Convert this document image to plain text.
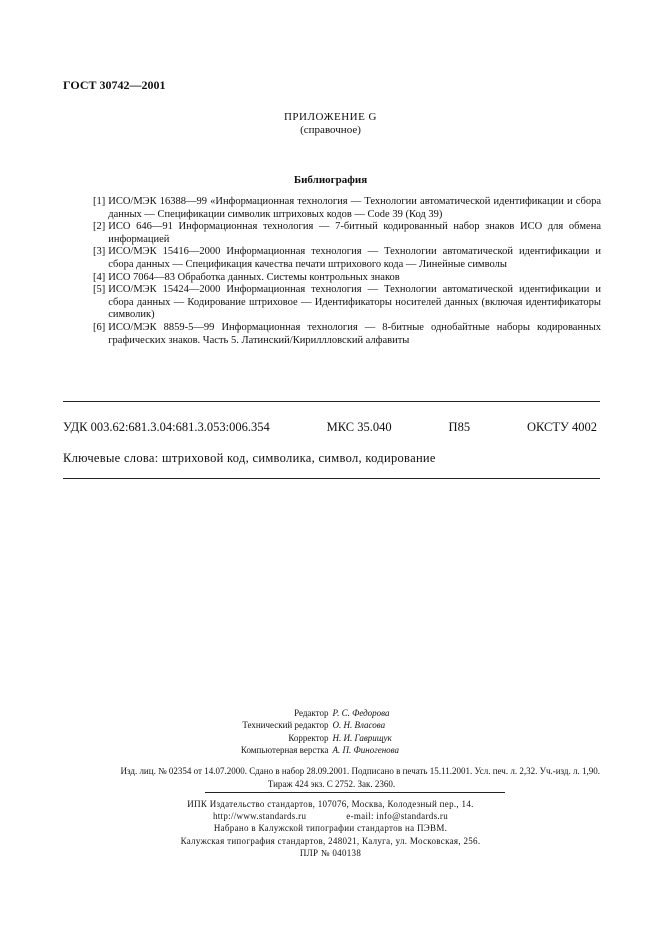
ГОСТ 30742—2001
ПРИЛОЖЕНИЕ G
(справочное)
Библиография
[1] ИСО/МЭК 16388—99 «Информационная технология — Технологии автоматической идентификации и сбора данных — Спецификации символик штриховых кодов — Code 39 (Код 39)
[2] ИСО 646—91 Информационная технология — 7-битный кодированный набор знаков ИСО для обмена информацией
[3] ИСО/МЭК 15416—2000 Информационная технология — Технологии автоматической идентификации и сбора данных — Спецификация качества печати штрихового кода — Линейные символы
[4] ИСО 7064—83 Обработка данных. Системы контрольных знаков
[5] ИСО/МЭК 15424—2000 Информационная технология — Технологии автоматической идентификации и сбора данных — Кодирование штриховое — Идентификаторы носителей данных (включая идентификаторы символик)
[6] ИСО/МЭК 8859-5—99 Информационная технология — 8-битные однобайтные наборы кодированных графических знаков. Часть 5. Латинский/Кириллловский алфавиты
УДК 003.62:681.3.04:681.3.053:006.354	МКС 35.040	П85	ОКСТУ 4002
Ключевые слова: штриховой код, символика, символ, кодирование
Редактор Р. С. Федорова
Технический редактор О. Н. Власова
Корректор Н. И. Гаврищук
Компьютерная верстка А. П. Финогенова
Изд. лиц. № 02354 от 14.07.2000. Сдано в набор 28.09.2001. Подписано в печать 15.11.2001. Усл. печ. л. 2,32. Уч.-изд. л. 1,90.
Тираж 424 экз. С 2752. Зак. 2360.
ИПК Издательство стандартов, 107076, Москва, Колодезный пер., 14.
http://www.standards.ru	e-mail: info@standards.ru
Набрано в Калужской типографии стандартов на ПЭВМ.
Калужская типография стандартов, 248021, Калуга, ул. Московская, 256.
ПЛР № 040138
